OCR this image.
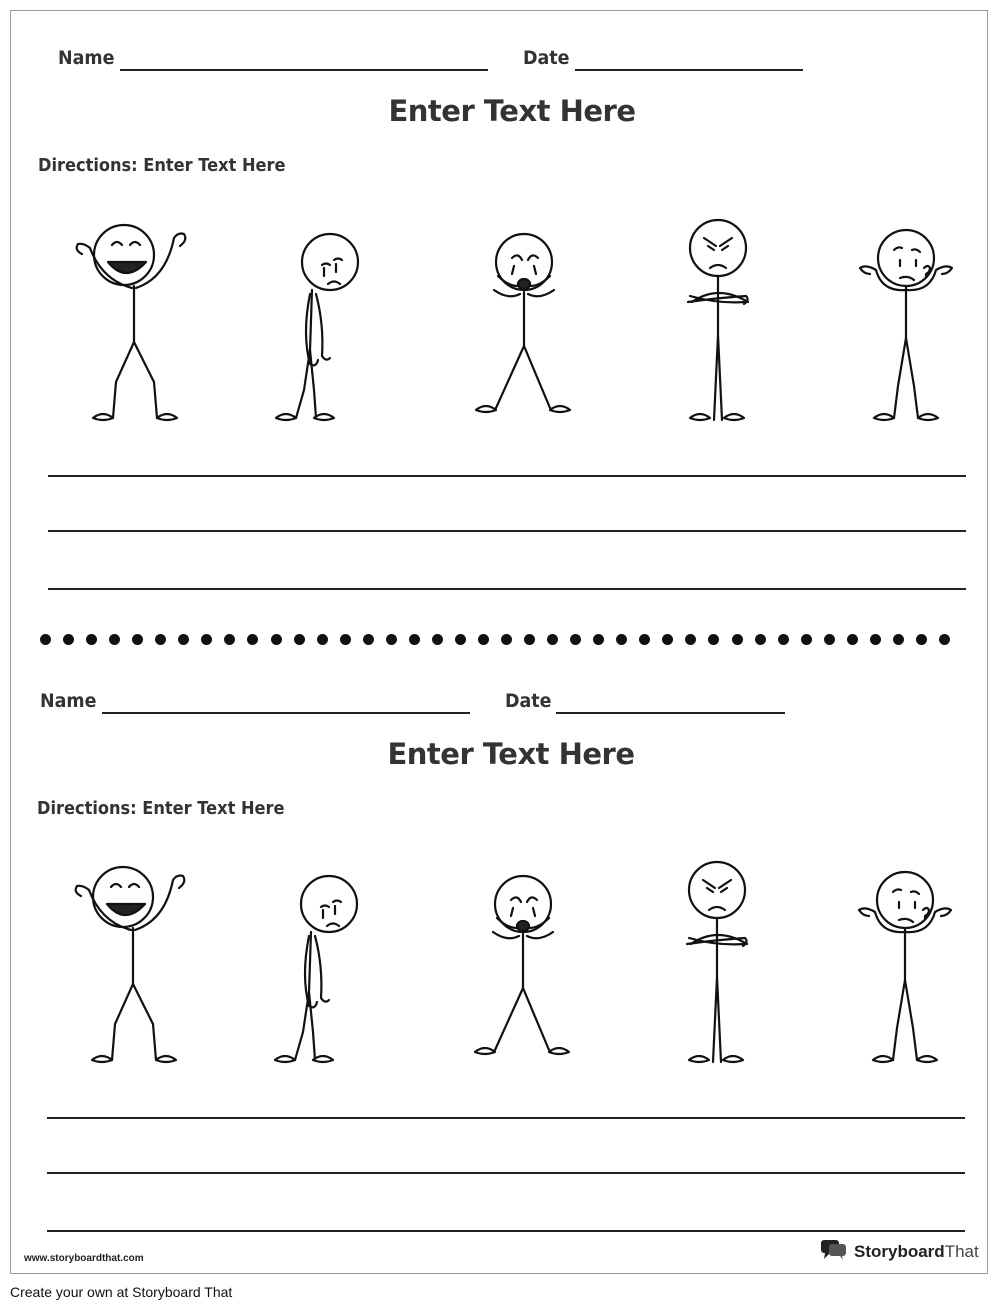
Name	Date
Enter Text Here
Directions: Enter Text Here
Name	Date
Enter Text Here
Directions: Enter Text Here
www.storyboardthat.com	StoryboardThat
Create your own at Storyboard That
